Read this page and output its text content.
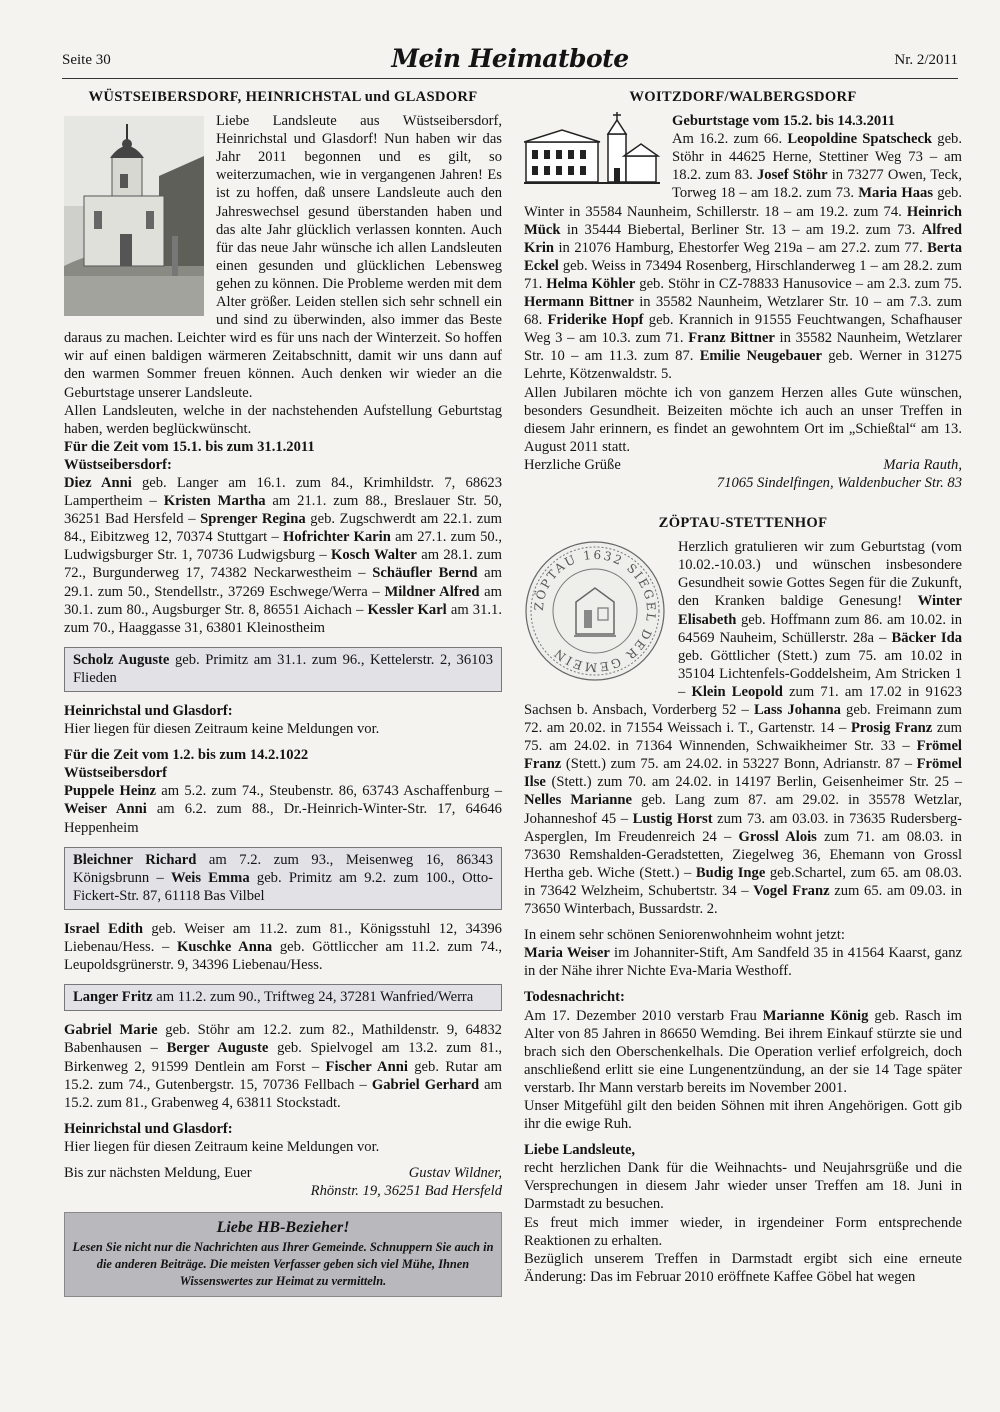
Seite 30	Mein Heimatbote	Nr. 2/2011
WÜSTSEIBERSDORF, HEINRICHSTAL und GLASDORF

Liebe Landsleute aus Wüstseibersdorf, Heinrichstal und Glasdorf! Nun haben wir das Jahr 2011 begonnen und es gilt, so weiterzumachen, wie in vergangenen Jahren! Es ist zu hoffen, daß unsere Landsleute auch den Jahreswechsel gesund überstanden haben und das alte Jahr glücklich verlassen konnten. Auch für das neue Jahr wünsche ich allen Landsleuten einen gesunden und glücklichen Lebensweg gehen zu können. Die Probleme werden mit dem Alter größer. Leiden stellen sich sehr schnell ein und sind zu überwinden, also immer das Beste daraus zu machen. Leichter wird es für uns nach der Winterzeit. So hoffen wir auf einen baldigen wärmeren Zeitabschnitt, damit wir uns dann auf den warmen Sommer freuen können. Auch denken wir wieder an die Geburtstage unserer Landsleute.

Allen Landsleuten, welche in der nachstehenden Aufstellung Geburtstag haben, werden beglückwünscht.

Für die Zeit vom 15.1. bis zum 31.1.2011

Wüstseibersdorf:

Diez Anni geb. Langer am 16.1. zum 84., Krimhildstr. 7, 68623 Lampertheim – Kristen Martha am 21.1. zum 88., Breslauer Str. 50, 36251 Bad Hersfeld – Sprenger Regina geb. Zugschwerdt am 22.1. zum 84., Eibitzweg 12, 70374 Stuttgart – Hofrichter Karin am 27.1. zum 50., Ludwigsburger Str. 1, 70736 Ludwigsburg – Kosch Walter am 28.1. zum 72., Burgunderweg 17, 74382 Neckarwestheim – Schäufler Bernd am 29.1. zum 50., Stendellstr., 37269 Eschwege/Werra – Mildner Alfred am 30.1. zum 80., Augsburger Str. 8, 86551 Aichach – Kessler Karl am 31.1. zum 70., Haaggasse 31, 63801 Kleinostheim

Scholz Auguste geb. Primitz am 31.1. zum 96., Kettelerstr. 2, 36103 Flieden

Heinrichstal und Glasdorf:

Hier liegen für diesen Zeitraum keine Meldungen vor.

Für die Zeit vom 1.2. bis zum 14.2.1022

Wüstseibersdorf

Puppele Heinz am 5.2. zum 74., Steubenstr. 86, 63743 Aschaffenburg – Weiser Anni am 6.2. zum 88., Dr.-Heinrich-Winter-Str. 17, 64646 Heppenheim

Bleichner Richard am 7.2. zum 93., Meisenweg 16, 86343 Königsbrunn – Weis Emma geb. Primitz am 9.2. zum 100., Otto-Fickert-Str. 87, 61118 Bas Vilbel

Israel Edith geb. Weiser am 11.2. zum 81., Königsstuhl 12, 34396 Liebenau/Hess. – Kuschke Anna geb. Göttliccher am 11.2. zum 74., Leupoldsgrünerstr. 9, 34396 Liebenau/Hess.

Langer Fritz am 11.2. zum 90., Triftweg 24, 37281 Wanfried/Werra

Gabriel Marie geb. Stöhr am 12.2. zum 82., Mathildenstr. 9, 64832 Babenhausen – Berger Auguste geb. Spielvogel am 13.2. zum 81., Birkenweg 2, 91599 Dentlein am Forst – Fischer Anni geb. Rutar am 15.2. zum 74., Gutenbergstr. 15, 70736 Fellbach – Gabriel Gerhard am 15.2. zum 81., Grabenweg 4, 63811 Stockstadt.

Heinrichstal und Glasdorf:

Hier liegen für diesen Zeitraum keine Meldungen vor.

Bis zur nächsten Meldung, Euer	Gustav Wildner,

Rhönstr. 19, 36251 Bad Hersfeld

Liebe HB-Bezieher!
Lesen Sie nicht nur die Nachrichten aus Ihrer Gemeinde. Schnuppern Sie auch in die anderen Beiträge. Die meisten Verfasser geben sich viel Mühe, Ihnen Wissenswertes zur Heimat zu vermitteln.
WOITZDORF/WALBERGSDORF

Geburtstage vom 15.2. bis 14.3.2011

Am 16.2. zum 66. Leopoldine Spatscheck geb. Stöhr in 44625 Herne, Stettiner Weg 73 – am 18.2. zum 83. Josef Stöhr in 73277 Owen, Teck, Torweg 18 – am 18.2. zum 73. Maria Haas geb. Winter in 35584 Naunheim, Schillerstr. 18 – am 19.2. zum 74. Heinrich Mück in 35444 Biebertal, Berliner Str. 13 – am 19.2. zum 73. Alfred Krin in 21076 Hamburg, Ehestorfer Weg 219a – am 27.2. zum 77. Berta Eckel geb. Weiss in 73494 Rosenberg, Hirschlanderweg 1 – am 28.2. zum 71. Helma Köhler geb. Stöhr in CZ-78833 Hanusovice – am 2.3. zum 75. Hermann Bittner in 35582 Naunheim, Wetzlarer Str. 10 – am 7.3. zum 68. Friderike Hopf geb. Krannich in 91555 Feuchtwangen, Schafhauser Weg 3 – am 10.3. zum 71. Franz Bittner in 35582 Naunheim, Wetzlarer Str. 10 – am 11.3. zum 87. Emilie Neugebauer geb. Werner in 31275 Lehrte, Kötzenwaldstr. 5.

Allen Jubilaren möchte ich von ganzem Herzen alles Gute wünschen, besonders Gesundheit. Beizeiten möchte ich auch an unser Treffen in diesem Jahr erinnern, es findet an gewohntem Ort im „Schießtal“ am 13. August 2011 statt.

Herzliche Grüße	Maria Rauth,

71065 Sindelfingen, Waldenbucher Str. 83

ZÖPTAU-STETTENHOF
ZÖPTAU 1632 SIEGEL DER GEMEIN

Herzlich gratulieren wir zum Geburtstag (vom 10.02.-10.03.) und wünschen insbesondere Gesundheit sowie Gottes Segen für die Zukunft, den Kranken baldige Genesung! Winter Elisabeth geb. Hoffmann zum 86. am 10.02. in 64569 Nauheim, Schüllerstr. 28a – Bäcker Ida geb. Göttlicher (Stett.) zum 75. am 10.02 in 35104 Lichtenfels-Goddelsheim, Am Stricken 1 – Klein Leopold zum 71. am 17.02 in 91623 Sachsen b. Ansbach, Vorderberg 52 – Lass Johanna geb. Freimann zum 72. am 20.02. in 71554 Weissach i. T., Gartenstr. 14 – Prosig Franz zum 75. am 24.02. in 71364 Winnenden, Schwaikheimer Str. 33 – Frömel Franz (Stett.) zum 75. am 24.02. in 53227 Bonn, Adrianstr. 87 – Frömel Ilse (Stett.) zum 70. am 24.02. in 14197 Berlin, Geisenheimer Str. 25 – Nelles Marianne geb. Lang zum 87. am 29.02. in 35578 Wetzlar, Johanneshof 45 – Lustig Horst zum 73. am 03.03. in 73635 Rudersberg-Asperglen, Im Freudenreich 24 – Grossl Alois zum 71. am 08.03. in 73630 Remshalden-Geradstetten, Ziegelweg 36, Ehemann von Grossl Hertha geb. Wiche (Stett.) – Budig Inge geb.Schartel, zum 65. am 08.03. in 73642 Welzheim, Schubertstr. 34 – Vogel Franz zum 65. am 09.03. in 73650 Winterbach, Bussardstr. 2.

In einem sehr schönen Seniorenwohnheim wohnt jetzt:

Maria Weiser im Johanniter-Stift, Am Sandfeld 35 in 41564 Kaarst, ganz in der Nähe ihrer Nichte Eva-Maria Westhoff.

Todesnachricht:

Am 17. Dezember 2010 verstarb Frau Marianne König geb. Rasch im Alter von 85 Jahren in 86650 Wemding. Bei ihrem Einkauf stürzte sie und brach sich den Oberschenkelhals. Die Operation verlief erfolgreich, doch anschließend erlitt sie eine Lungenentzündung, an der sie 14 Tage später verstarb. Ihr Mann verstarb bereits im November 2001.

Unser Mitgefühl gilt den beiden Söhnen mit ihren Angehörigen. Gott gib ihr die ewige Ruh.

Liebe Landsleute,

recht herzlichen Dank für die Weihnachts- und Neujahrsgrüße und die Versprechungen in diesem Jahr wieder unser Treffen am 18. Juni in Darmstadt zu besuchen.

Es freut mich immer wieder, in irgendeiner Form entsprechende Reaktionen zu erhalten.

Bezüglich unserem Treffen in Darmstadt ergibt sich eine erneute Änderung: Das im Februar 2010 eröffnete Kaffee Göbel hat wegen
